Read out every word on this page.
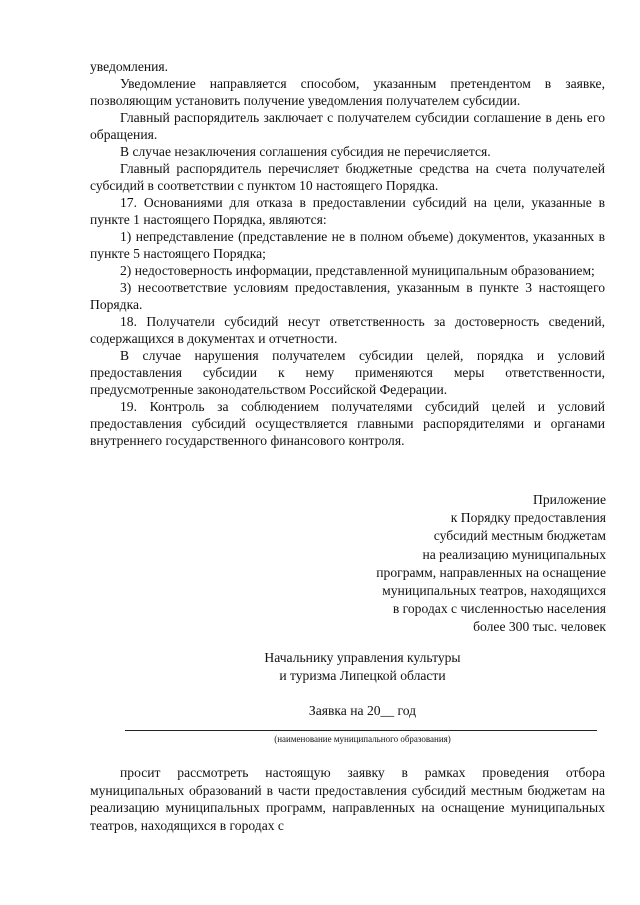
уведомления.

Уведомление направляется способом, указанным претендентом в заявке, позволяющим установить получение уведомления получателем субсидии.

Главный распорядитель заключает с получателем субсидии соглашение в день его обращения.

В случае незаключения соглашения субсидия не перечисляется.

Главный распорядитель перечисляет бюджетные средства на счета получателей субсидий в соответствии с пунктом 10 настоящего Порядка.

17. Основаниями для отказа в предоставлении субсидий на цели, указанные в пункте 1 настоящего Порядка, являются:

1) непредставление (представление не в полном объеме) документов, указанных в пункте 5 настоящего Порядка;

2) недостоверность информации, представленной муниципальным образованием;

3) несоответствие условиям предоставления, указанным в пункте 3 настоящего Порядка.

18. Получатели субсидий несут ответственность за достоверность сведений, содержащихся в документах и отчетности.

В случае нарушения получателем субсидии целей, порядка и условий предоставления субсидии к нему применяются меры ответственности, предусмотренные законодательством Российской Федерации.

19. Контроль за соблюдением получателями субсидий целей и условий предоставления субсидий осуществляется главными распорядителями и органами внутреннего государственного финансового контроля.

Приложение
к Порядку предоставления
субсидий местным бюджетам
на реализацию муниципальных
программ, направленных на оснащение
муниципальных театров, находящихся
в городах с численностью населения
более 300 тыс. человек
Начальнику управления культуры
и туризма Липецкой области
Заявка на 20__ год
(наименование муниципального образования)

просит рассмотреть настоящую заявку в рамках проведения отбора муниципальных образований в части предоставления субсидий местным бюджетам на реализацию муниципальных программ, направленных на оснащение муниципальных театров, находящихся в городах с
